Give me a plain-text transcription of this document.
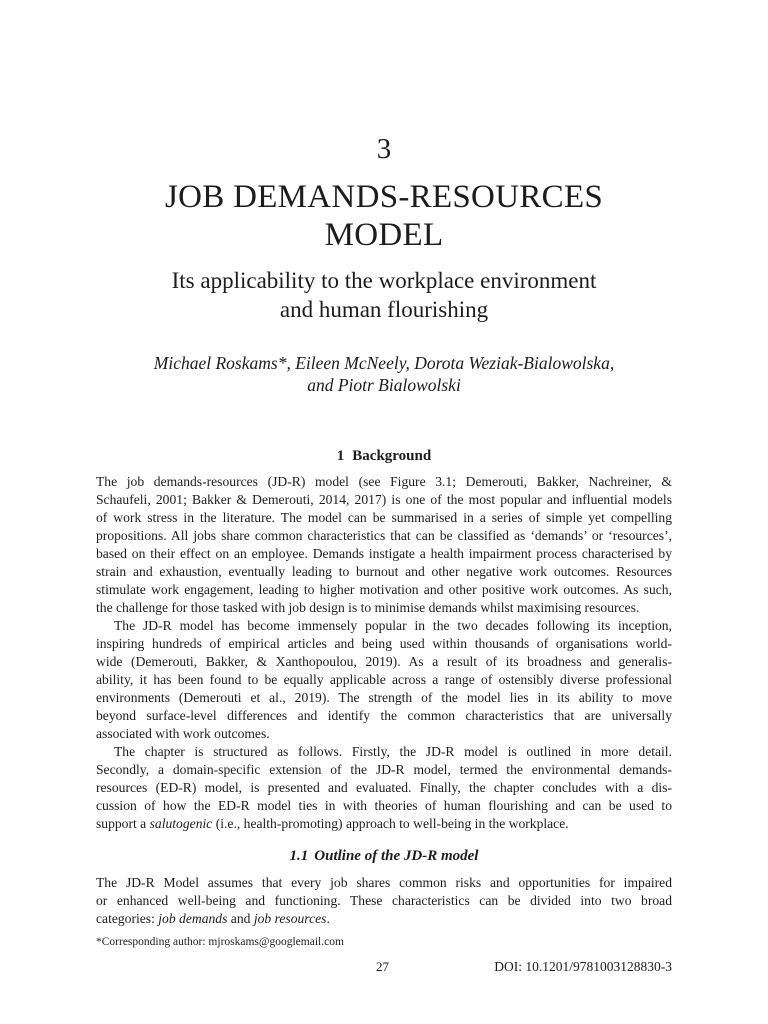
3
JOB DEMANDS-RESOURCES
MODEL
Its applicability to the workplace environment
and human flourishing
Michael Roskams*, Eileen McNeely, Dorota Weziak-Bialowolska,
and Piotr Bialowolski
1 Background
The job demands-resources (JD-R) model (see Figure 3.1; Demerouti, Bakker, Nachreiner, &
Schaufeli, 2001; Bakker & Demerouti, 2014, 2017) is one of the most popular and influential models
of work stress in the literature. The model can be summarised in a series of simple yet compelling
propositions. All jobs share common characteristics that can be classified as ‘demands’ or ‘resources’,
based on their effect on an employee. Demands instigate a health impairment process characterised by
strain and exhaustion, eventually leading to burnout and other negative work outcomes. Resources
stimulate work engagement, leading to higher motivation and other positive work outcomes. As such,
the challenge for those tasked with job design is to minimise demands whilst maximising resources.
The JD-R model has become immensely popular in the two decades following its inception,
inspiring hundreds of empirical articles and being used within thousands of organisations world-
wide (Demerouti, Bakker, & Xanthopoulou, 2019). As a result of its broadness and generalis-
ability, it has been found to be equally applicable across a range of ostensibly diverse professional
environments (Demerouti et al., 2019). The strength of the model lies in its ability to move
beyond surface-level differences and identify the common characteristics that are universally
associated with work outcomes.
The chapter is structured as follows. Firstly, the JD-R model is outlined in more detail.
Secondly, a domain-specific extension of the JD-R model, termed the environmental demands-
resources (ED-R) model, is presented and evaluated. Finally, the chapter concludes with a dis-
cussion of how the ED-R model ties in with theories of human flourishing and can be used to
support a salutogenic (i.e., health-promoting) approach to well-being in the workplace.
1.1 Outline of the JD-R model
The JD-R Model assumes that every job shares common risks and opportunities for impaired
or enhanced well-being and functioning. These characteristics can be divided into two broad
categories: job demands and job resources.
*Corresponding author: mjroskams@googlemail.com
27	DOI: 10.1201/9781003128830-3
